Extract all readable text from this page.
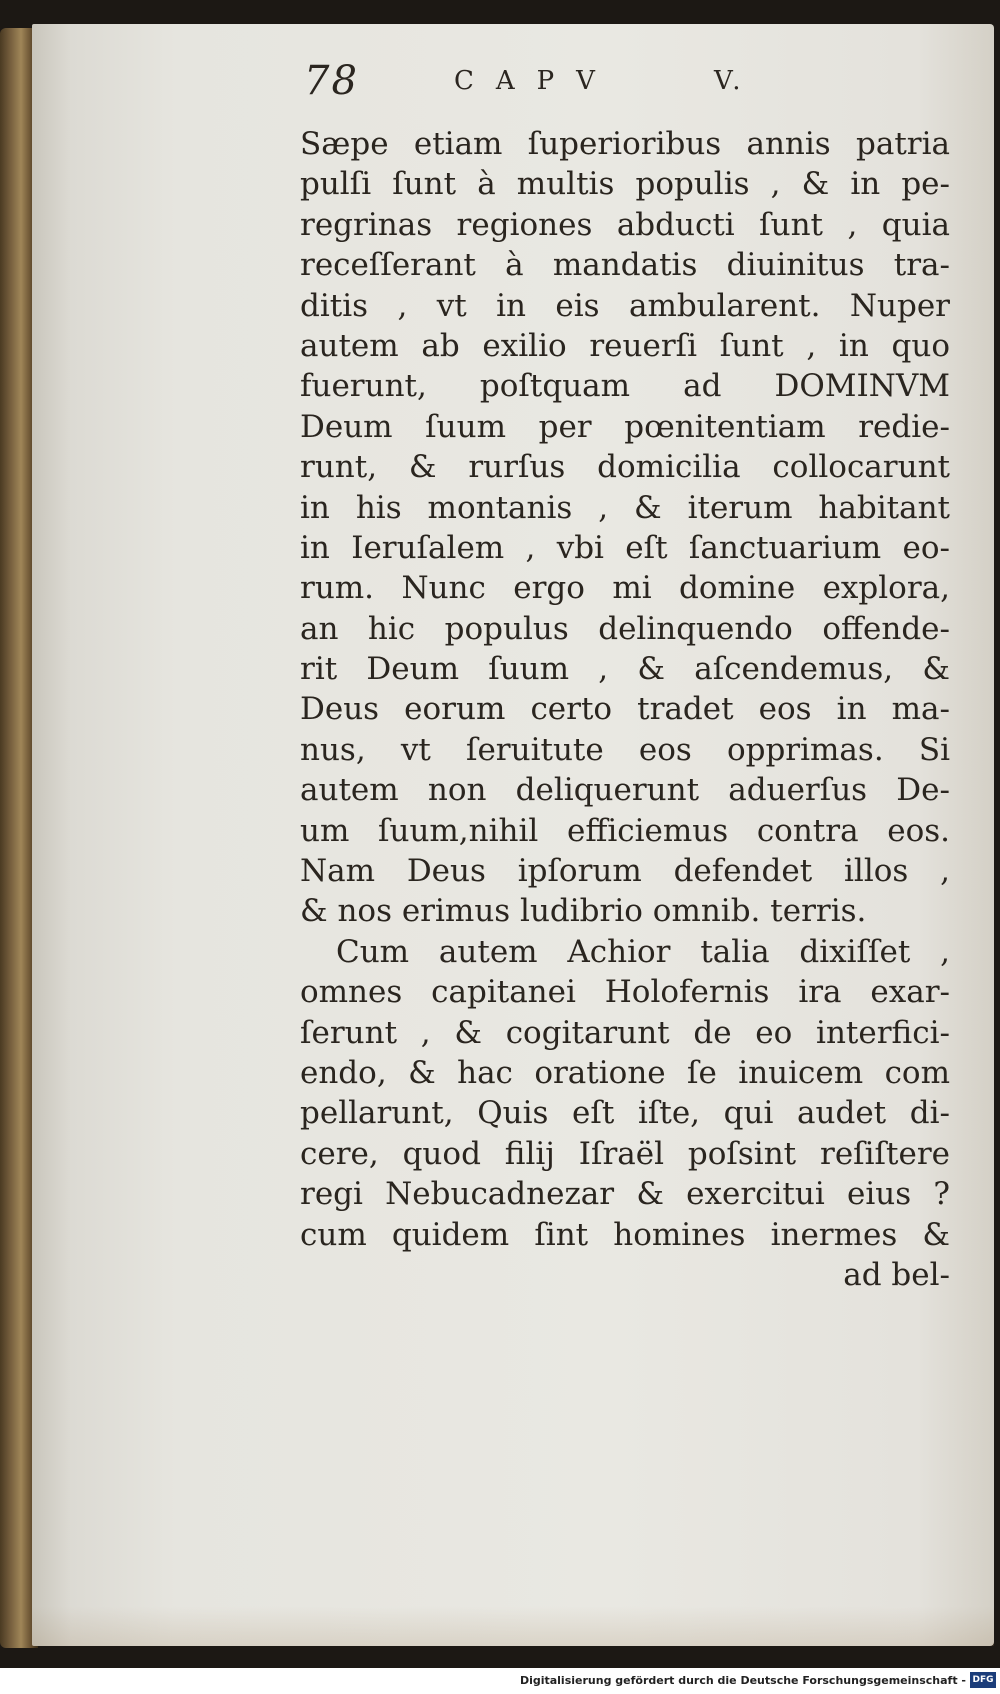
78	CAPV	V.
Sæpe etiam ſuperioribus annis patria
pulſi ſunt à multis populis , & in pe-
regrinas regiones abducti ſunt , quia
receſſerant à mandatis diuinitus tra-
ditis , vt in eis ambularent. Nuper
autem ab exilio reuerſi ſunt , in quo
fuerunt, poſtquam ad DOMINVM
Deum ſuum per pœnitentiam redie-
runt, & rurſus domicilia collocarunt
in his montanis , & iterum habitant
in Ieruſalem , vbi eſt ſanctuarium eo-
rum. Nunc ergo mi domine explora,
an hic populus delinquendo offende-
rit Deum ſuum , & aſcendemus, &
Deus eorum certo tradet eos in ma-
nus, vt ſeruitute eos opprimas. Si
autem non deliquerunt aduerſus De-
um ſuum,nihil efficiemus contra eos.
Nam Deus ipſorum defendet illos ,
& nos erimus ludibrio omnib. terris.
Cum autem Achior talia dixiſſet ,
omnes capitanei Holofernis ira exar-
ſerunt , & cogitarunt de eo interfici-
endo, & hac oratione ſe inuicem com
pellarunt, Quis eſt iſte, qui audet di-
cere, quod filij Iſraël poſsint reſiſtere
regi Nebucadnezar & exercitui eius ?
cum quidem ſint homines inermes &
ad bel-
Digitalisierung gefördert durch die Deutsche Forschungsgemeinschaft - DFG
